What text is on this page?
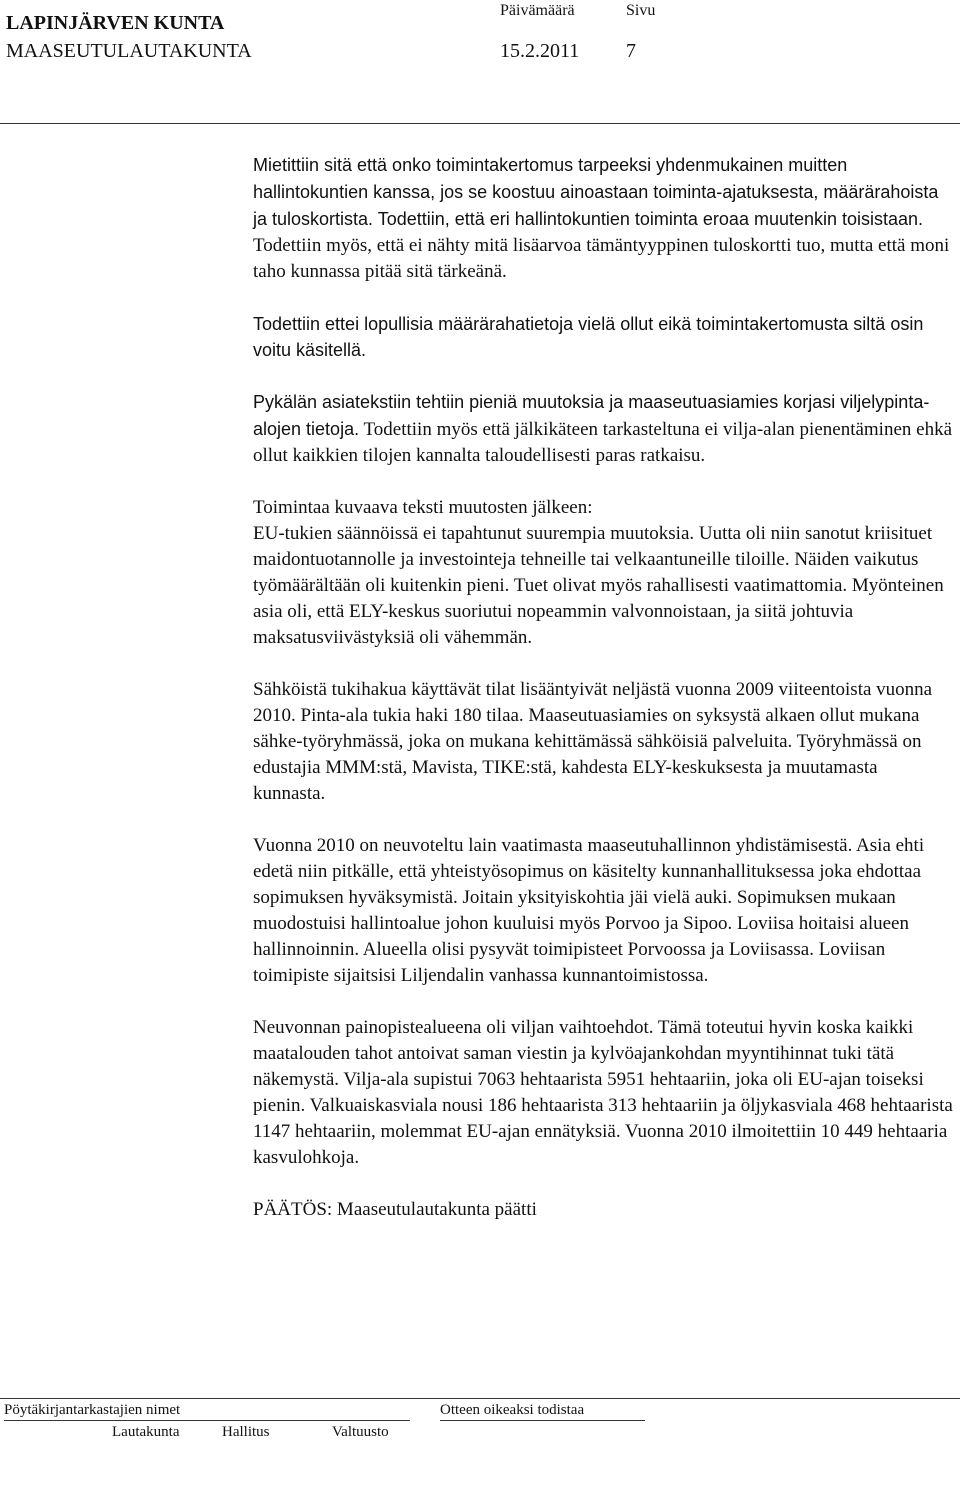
LAPINJÄRVEN KUNTA
MAASEUTULAUTAKUNTA
Päivämäärä	Sivu
15.2.2011 7

Mietittiin sitä että onko toimintakertomus tarpeeksi yhdenmukainen muitten hallintokuntien kanssa, jos se koostuu ainoastaan toiminta-ajatuksesta, määrärahoista ja tuloskortista. Todettiin, että eri hallintokuntien toiminta eroaa muutenkin toisistaan. Todettiin myös, että ei nähty mitä lisäarvoa tämäntyyppinen tuloskortti tuo, mutta että moni taho kunnassa pitää sitä tärkeänä.

Todettiin ettei lopullisia määrärahatietoja vielä ollut eikä toimintakertomusta siltä osin voitu käsitellä.

Pykälän asiatekstiin tehtiin pieniä muutoksia ja maaseutuasiamies korjasi viljelypinta-alojen tietoja. Todettiin myös että jälkikäteen tarkasteltuna ei vilja-alan pienentäminen ehkä ollut kaikkien tilojen kannalta taloudellisesti paras ratkaisu.

Toimintaa kuvaava teksti muutosten jälkeen:

EU-tukien säännöissä ei tapahtunut suurempia muutoksia. Uutta oli niin sanotut kriisituet maidontuotannolle ja investointeja tehneille tai velkaantuneille tiloille. Näiden vaikutus työmäärältään oli kuitenkin pieni. Tuet olivat myös rahallisesti vaatimattomia. Myönteinen asia oli, että ELY-keskus suoriutui nopeammin valvonnoistaan, ja siitä johtuvia maksatusviivästyksiä oli vähemmän.

Sähköistä tukihakua käyttävät tilat lisääntyivät neljästä vuonna 2009 viiteentoista vuonna 2010. Pinta-ala tukia haki 180 tilaa. Maaseutuasiamies on syksystä alkaen ollut mukana sähke-työryhmässä, joka on mukana kehittämässä sähköisiä palveluita. Työryhmässä on edustajia MMM:stä, Mavista, TIKE:stä, kahdesta ELY-keskuksesta ja muutamasta kunnasta.

Vuonna 2010 on neuvoteltu lain vaatimasta maaseutuhallinnon yhdistämisestä. Asia ehti edetä niin pitkälle, että yhteistyösopimus on käsitelty kunnanhallituksessa joka ehdottaa sopimuksen hyväksymistä. Joitain yksityiskohtia jäi vielä auki. Sopimuksen mukaan muodostuisi hallintoalue johon kuuluisi myös Porvoo ja Sipoo. Loviisa hoitaisi alueen hallinnoinnin. Alueella olisi pysyvät toimipisteet Porvoossa ja Loviisassa. Loviisan toimipiste sijaitsisi Liljendalin vanhassa kunnantoimistossa.

Neuvonnan painopistealueena oli viljan vaihtoehdot. Tämä toteutui hyvin koska kaikki maatalouden tahot antoivat saman viestin ja kylvöajankohdan myyntihinnat tuki tätä näkemystä. Vilja-ala supistui 7063 hehtaarista 5951 hehtaariin, joka oli EU-ajan toiseksi pienin. Valkuaiskasviala nousi 186 hehtaarista 313 hehtaariin ja öljykasviala 468 hehtaarista 1147 hehtaariin, molemmat EU-ajan ennätyksiä. Vuonna 2010 ilmoitettiin 10 449 hehtaaria kasvulohkoja.

PÄÄTÖS: Maaseutulautakunta päätti

Pöytäkirjantarkastajien nimet	Otteen oikeaksi todistaa
Lautakunta	Hallitus	Valtuusto
